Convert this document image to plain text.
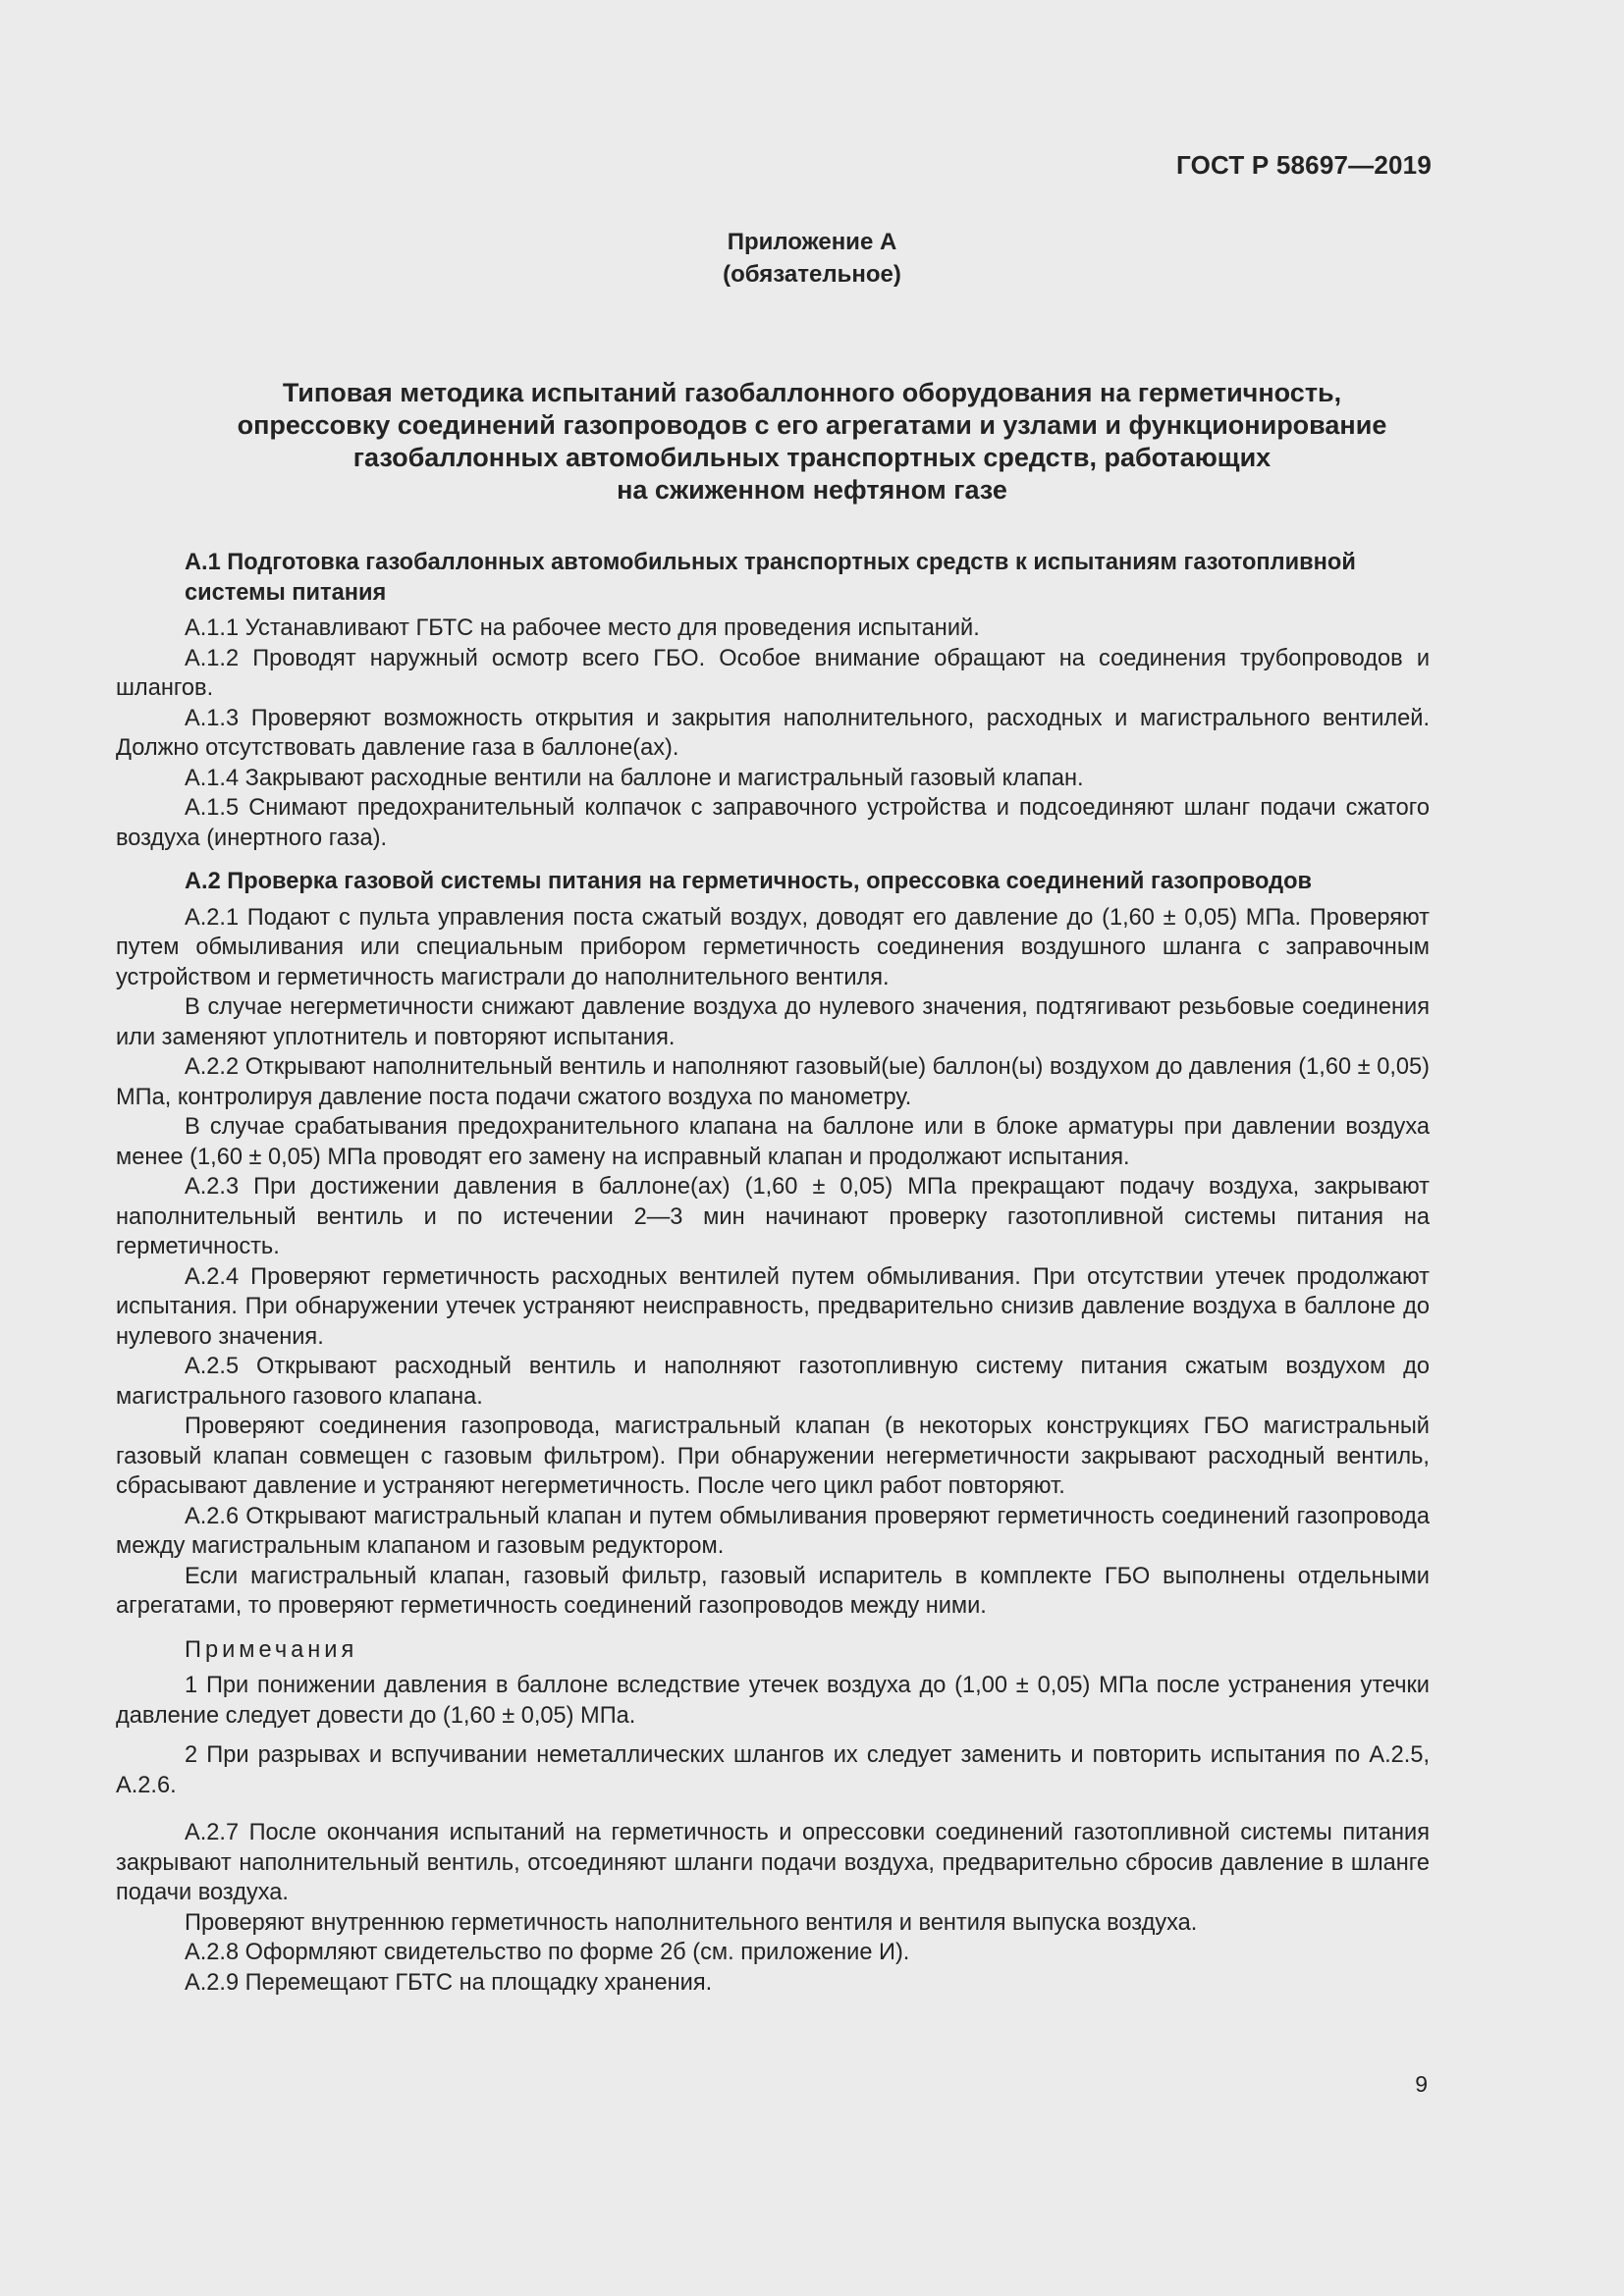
ГОСТ Р 58697—2019
Приложение А
(обязательное)
Типовая методика испытаний газобаллонного оборудования на герметичность,
опрессовку соединений газопроводов с его агрегатами и узлами и функционирование
газобаллонных автомобильных транспортных средств, работающих
на сжиженном нефтяном газе
А.1 Подготовка газобаллонных автомобильных транспортных средств к испытаниям газотопливной системы питания

А.1.1 Устанавливают ГБТС на рабочее место для проведения испытаний.

А.1.2 Проводят наружный осмотр всего ГБО. Особое внимание обращают на соединения трубопроводов и шлангов.

А.1.3 Проверяют возможность открытия и закрытия наполнительного, расходных и магистрального вентилей. Должно отсутствовать давление газа в баллоне(ах).

А.1.4 Закрывают расходные вентили на баллоне и магистральный газовый клапан.

А.1.5 Снимают предохранительный колпачок с заправочного устройства и подсоединяют шланг подачи сжатого воздуха (инертного газа).

А.2 Проверка газовой системы питания на герметичность, опрессовка соединений газопроводов

А.2.1 Подают с пульта управления поста сжатый воздух, доводят его давление до (1,60 ± 0,05) МПа. Проверяют путем обмыливания или специальным прибором герметичность соединения воздушного шланга с заправочным устройством и герметичность магистрали до наполнительного вентиля.

В случае негерметичности снижают давление воздуха до нулевого значения, подтягивают резьбовые соединения или заменяют уплотнитель и повторяют испытания.

А.2.2 Открывают наполнительный вентиль и наполняют газовый(ые) баллон(ы) воздухом до давления (1,60 ± 0,05) МПа, контролируя давление поста подачи сжатого воздуха по манометру.

В случае срабатывания предохранительного клапана на баллоне или в блоке арматуры при давлении воздуха менее (1,60 ± 0,05) МПа проводят его замену на исправный клапан и продолжают испытания.

А.2.3 При достижении давления в баллоне(ах) (1,60 ± 0,05) МПа прекращают подачу воздуха, закрывают наполнительный вентиль и по истечении 2—3 мин начинают проверку газотопливной системы питания на герметичность.

А.2.4 Проверяют герметичность расходных вентилей путем обмыливания. При отсутствии утечек продолжают испытания. При обнаружении утечек устраняют неисправность, предварительно снизив давление воздуха в баллоне до нулевого значения.

А.2.5 Открывают расходный вентиль и наполняют газотопливную систему питания сжатым воздухом до магистрального газового клапана.

Проверяют соединения газопровода, магистральный клапан (в некоторых конструкциях ГБО магистральный газовый клапан совмещен с газовым фильтром). При обнаружении негерметичности закрывают расходный вентиль, сбрасывают давление и устраняют негерметичность. После чего цикл работ повторяют.

А.2.6 Открывают магистральный клапан и путем обмыливания проверяют герметичность соединений газопровода между магистральным клапаном и газовым редуктором.

Если магистральный клапан, газовый фильтр, газовый испаритель в комплекте ГБО выполнены отдельными агрегатами, то проверяют герметичность соединений газопроводов между ними.

Примечания

1 При понижении давления в баллоне вследствие утечек воздуха до (1,00 ± 0,05) МПа после устранения утечки давление следует довести до (1,60 ± 0,05) МПа.

2 При разрывах и вспучивании неметаллических шлангов их следует заменить и повторить испытания по А.2.5, А.2.6.

А.2.7 После окончания испытаний на герметичность и опрессовки соединений газотопливной системы питания закрывают наполнительный вентиль, отсоединяют шланги подачи воздуха, предварительно сбросив давление в шланге подачи воздуха.

Проверяют внутреннюю герметичность наполнительного вентиля и вентиля выпуска воздуха.

А.2.8 Оформляют свидетельство по форме 2б (см. приложение И).

А.2.9 Перемещают ГБТС на площадку хранения.

9
